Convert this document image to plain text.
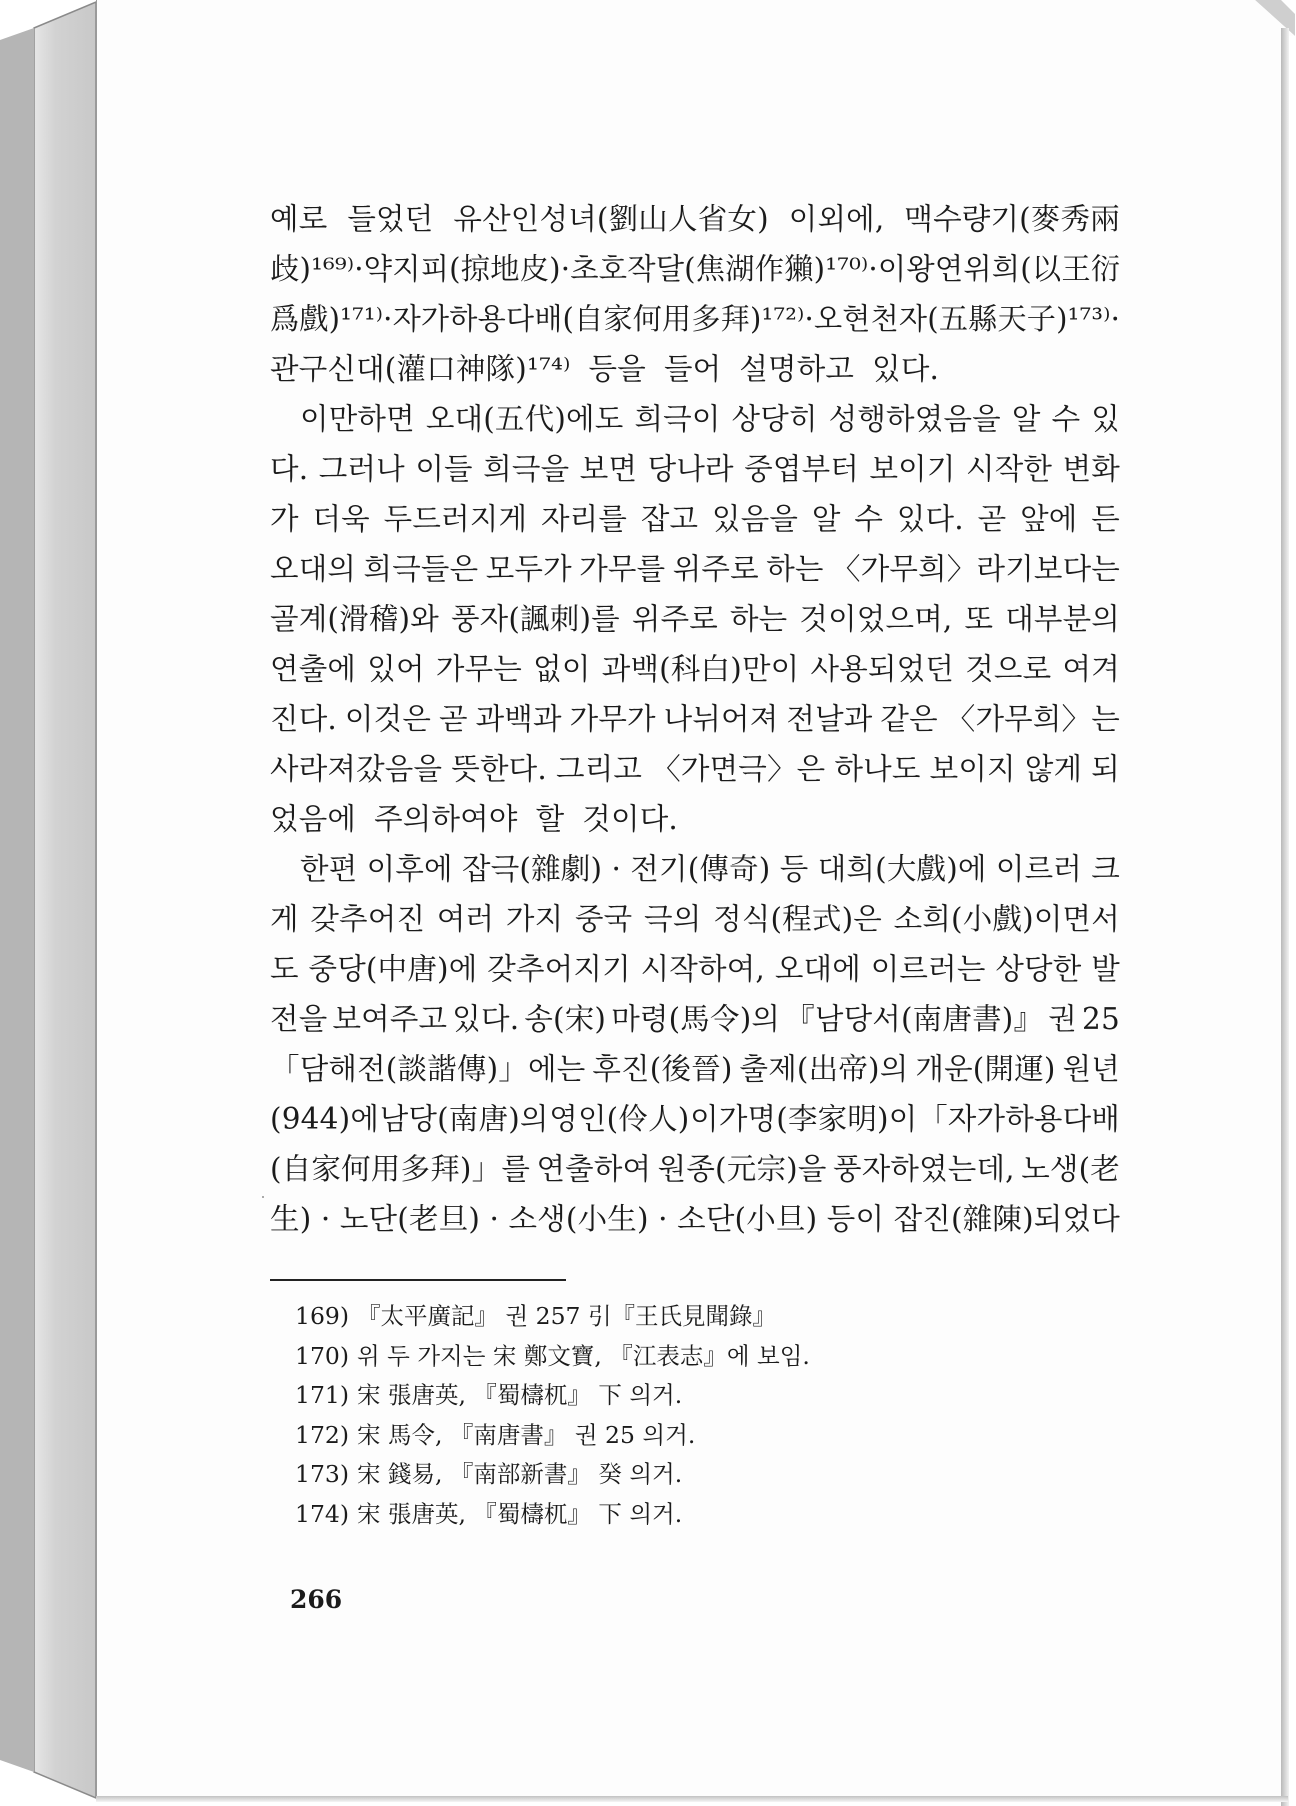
예로 들었던 유산인성녀(劉山人省女) 이외에, 맥수량기(麥秀兩
歧)¹⁶⁹⁾ · 약지피 (掠地皮) · 초호작달(焦湖作獺)¹⁷⁰⁾ · 이왕연위희 (以王衍
爲戲)¹⁷¹⁾ · 자가하용다배(自家何用多拜)¹⁷²⁾ · 오현천자(五縣天子)¹⁷³⁾ ·
관구신대(灌口神隊)¹⁷⁴⁾ 등을 들어 설명하고 있다.
이만하면 오대(五代)에도 희극이 상당히 성행하였음을 알 수 있
다. 그러나 이들 희극을 보면 당나라 중엽부터 보이기 시작한 변화
가 더욱 두드러지게 자리를 잡고 있음을 알 수 있다. 곧 앞에 든
오대의 희극들은 모두가 가무를 위주로 하는 〈가무희〉라기보다는
골계(滑稽)와 풍자(諷刺)를 위주로 하는 것이었으며, 또 대부분의
연출에 있어 가무는 없이 과백(科白)만이 사용되었던 것으로 여겨
진다. 이것은 곧 과백과 가무가 나뉘어져 전날과 같은 〈가무희〉는
사라져갔음을 뜻한다. 그리고 〈가면극〉은 하나도 보이지 않게 되
었음에 주의하여야 할 것이다.
한편 이후에 잡극(雜劇) · 전기(傳奇) 등 대희(大戲)에 이르러 크
게 갖추어진 여러 가지 중국 극의 정식(程式)은 소희(小戲)이면서
도 중당(中唐)에 갖추어지기 시작하여, 오대에 이르러는 상당한 발
전을 보여주고 있다. 송(宋) 마령(馬令)의 『남당서(南唐書)』 권 25
「담해전(談諧傳)」에는 후진(後晉) 출제(出帝)의 개운(開運) 원년
(944)에 남당(南唐)의 영인(伶人) 이가명(李家明)이 「자가하용다배
(自家何用多拜)」를 연출하여 원종(元宗)을 풍자하였는데, 노생(老
生) · 노단(老旦) · 소생(小生) · 소단(小旦) 등이 잡진(雜陳)되었다
169) 『太平廣記』 권 257 引『王氏見聞錄』
170) 위 두 가지는 宋 鄭文寶, 『江表志』에 보임.
171) 宋 張唐英, 『蜀檮杌』 下 의거.
172) 宋 馬令, 『南唐書』 권 25 의거.
173) 宋 錢易, 『南部新書』 癸 의거.
174) 宋 張唐英, 『蜀檮杌』 下 의거.
266
